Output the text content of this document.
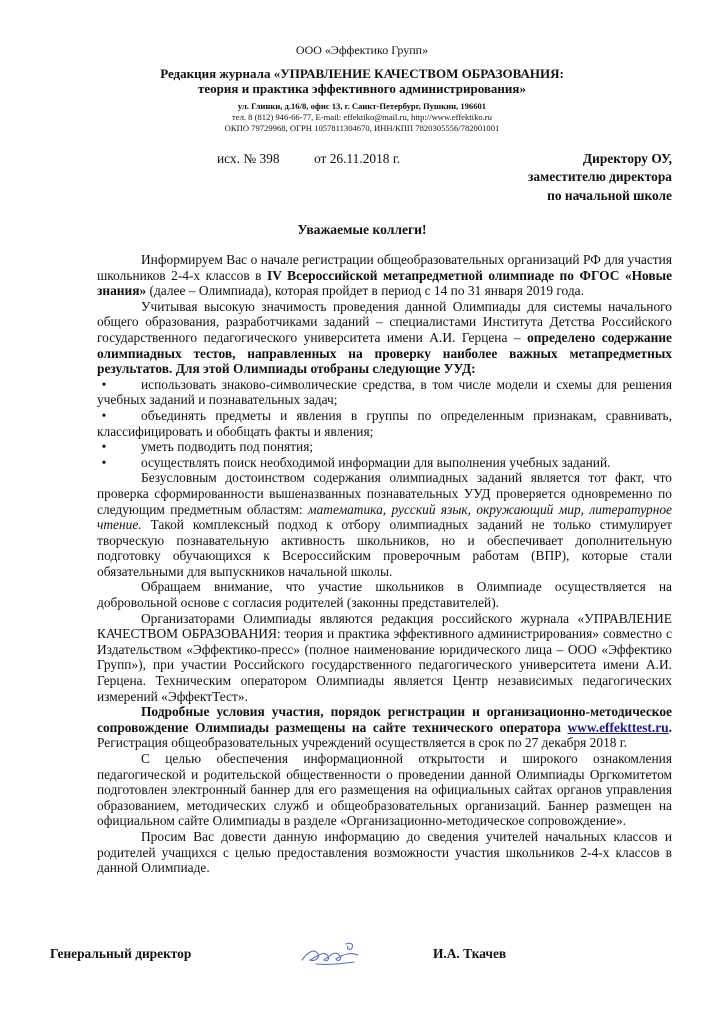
ООО «Эффектико Групп»
Редакция журнала «УПРАВЛЕНИЕ КАЧЕСТВОМ ОБРАЗОВАНИЯ:
теория и практика эффективного администрирования»
ул. Глинки, д.16/8, офис 13, г. Санкт-Петербург, Пушкин, 196601
тел. 8 (812) 946-66-77, E-mail: effektiko@mail.ru, http://www.effektiko.ru
ОКПО 79729968, ОГРН 1057811304670, ИНН/КПП 7820305556/782001001
исх. № 398	от 26.11.2018 г.	Директору ОУ,
заместителю директора
по начальной школе
Уважаемые коллеги!

Информируем Вас о начале регистрации общеобразовательных организаций РФ для участия школьников 2-4-х классов в IV Всероссийской метапредметной олимпиаде по ФГОС «Новые знания» (далее – Олимпиада), которая пройдет в период с 14 по 31 января 2019 года.

Учитывая высокую значимость проведения данной Олимпиады для системы начального общего образования, разработчиками заданий – специалистами Института Детства Российского государственного педагогического университета имени А.И. Герцена – определено содержание олимпиадных тестов, направленных на проверку наиболее важных метапредметных результатов. Для этой Олимпиады отобраны следующие УУД:

•	использовать знаково-символические средства, в том числе модели и схемы для решения учебных заданий и познавательных задач;
•	объединять предметы и явления в группы по определенным признакам, сравнивать, классифицировать и обобщать факты и явления;
•	уметь подводить под понятия;
•	осуществлять поиск необходимой информации для выполнения учебных заданий.

Безусловным достоинством содержания олимпиадных заданий является тот факт, что проверка сформированности вышеназванных познавательных УУД проверяется одновременно по следующим предметным областям: математика, русский язык, окружающий мир, литературное чтение. Такой комплексный подход к отбору олимпиадных заданий не только стимулирует творческую познавательную активность школьников, но и обеспечивает дополнительную подготовку обучающихся к Всероссийским проверочным работам (ВПР), которые стали обязательными для выпускников начальной школы.

Обращаем внимание, что участие школьников в Олимпиаде осуществляется на добровольной основе с согласия родителей (законны представителей).

Организаторами Олимпиады являются редакция российского журнала «УПРАВЛЕНИЕ КАЧЕСТВОМ ОБРАЗОВАНИЯ: теория и практика эффективного администрирования» совместно с Издательством «Эффектико-пресс» (полное наименование юридического лица – ООО «Эффектико Групп»), при участии Российского государственного педагогического университета имени А.И. Герцена. Техническим оператором Олимпиады является Центр независимых педагогических измерений «ЭффектТест».

Подробные условия участия, порядок регистрации и организационно-методическое сопровождение Олимпиады размещены на сайте технического оператора www.effekttest.ru. Регистрация общеобразовательных учреждений осуществляется в срок по 27 декабря 2018 г.

С целью обеспечения информационной открытости и широкого ознакомления педагогической и родительской общественности о проведении данной Олимпиады Оргкомитетом подготовлен электронный баннер для его размещения на официальных сайтах органов управления образованием, методических служб и общеобразовательных организаций. Баннер размещен на официальном сайте Олимпиады в разделе «Организационно-методическое сопровождение».

Просим Вас довести данную информацию до сведения учителей начальных классов и родителей учащихся с целью предоставления возможности участия школьников 2-4-х классов в данной Олимпиаде.

Генеральный директор	И.А. Ткачев
